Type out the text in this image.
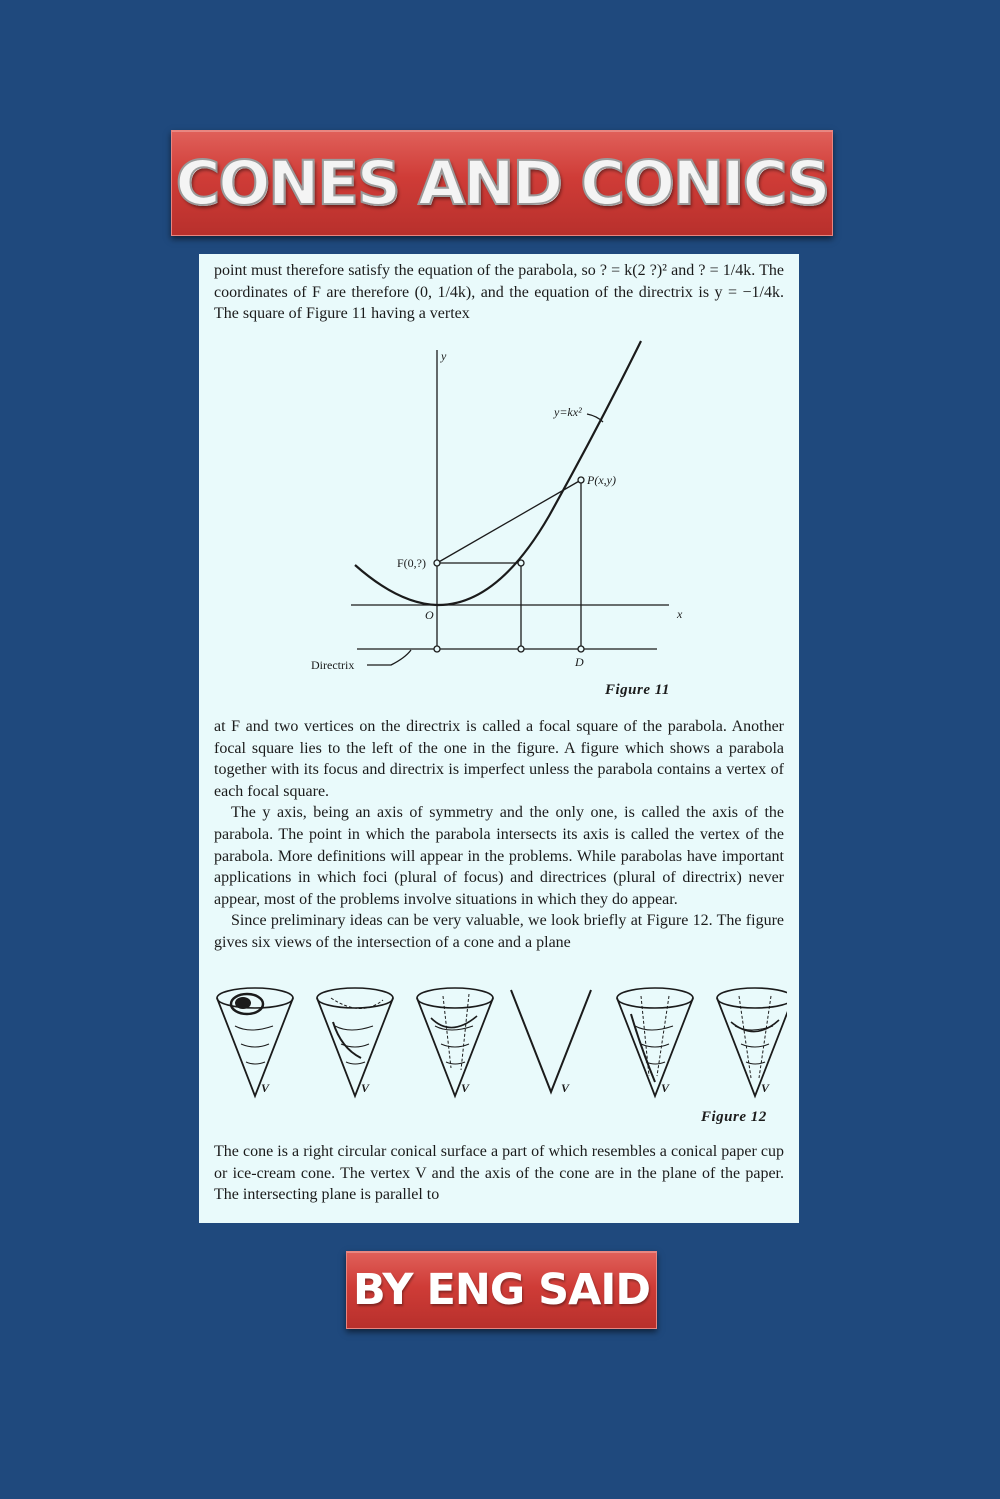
CONES AND CONICS

point must therefore satisfy the equation of the parabola, so ? = k(2 ?)² and ? = 1/4k. The coordinates of F are therefore (0, 1/4k), and the equation of the directrix is y = −1/4k. The square of Figure 11 having a vertex

y
x
y=kx²
P(x,y)
F(0,?)
O
D
Directrix

Figure 11

at F and two vertices on the directrix is called a focal square of the parabola. Another focal square lies to the left of the one in the figure. A figure which shows a parabola together with its focus and directrix is imperfect unless the parabola contains a vertex of each focal square.
The y axis, being an axis of symmetry and the only one, is called the axis of the parabola. The point in which the parabola intersects its axis is called the vertex of the parabola. More definitions will appear in the problems. While parabolas have important applications in which foci (plural of focus) and directrices (plural of directrix) never appear, most of the problems involve situations in which they do appear.
Since preliminary ideas can be very valuable, we look briefly at Figure 12. The figure gives six views of the intersection of a cone and a plane
V	V	V	V	V	V

Figure 12

The cone is a right circular conical surface a part of which resembles a conical paper cup or ice-cream cone. The vertex V and the axis of the cone are in the plane of the paper. The intersecting plane is parallel to

BY ENG SAID
